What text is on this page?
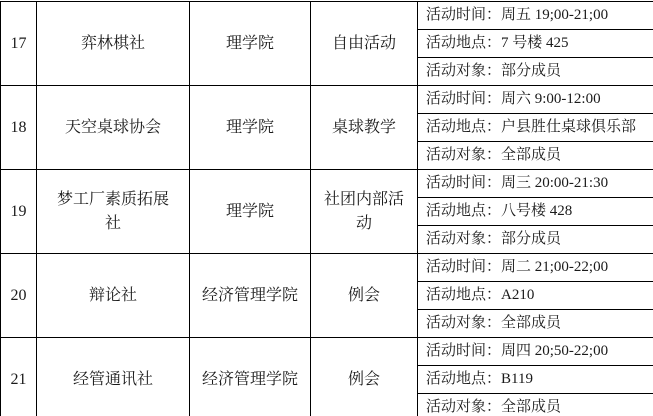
17	弈林棋社	理学院	自由活动	活动时间：周五 19;00-21;00
活动地点：7 号楼 425
活动对象：部分成员

18	天空桌球协会	理学院	桌球教学	活动时间：周六 9:00-12:00
活动地点：户县胜仕桌球俱乐部
活动对象：全部成员

19	梦工厂素质拓展社	理学院	社团内部活动	活动时间：周三 20:00-21:30
活动地点：八号楼 428
活动对象：部分成员

20	辩论社	经济管理学院	例会	活动时间：周二 21;00-22;00
活动地点：A210
活动对象：全部成员

21	经管通讯社	经济管理学院	例会	活动时间：周四 20;50-22;00
活动地点：B119
活动对象：全部成员
